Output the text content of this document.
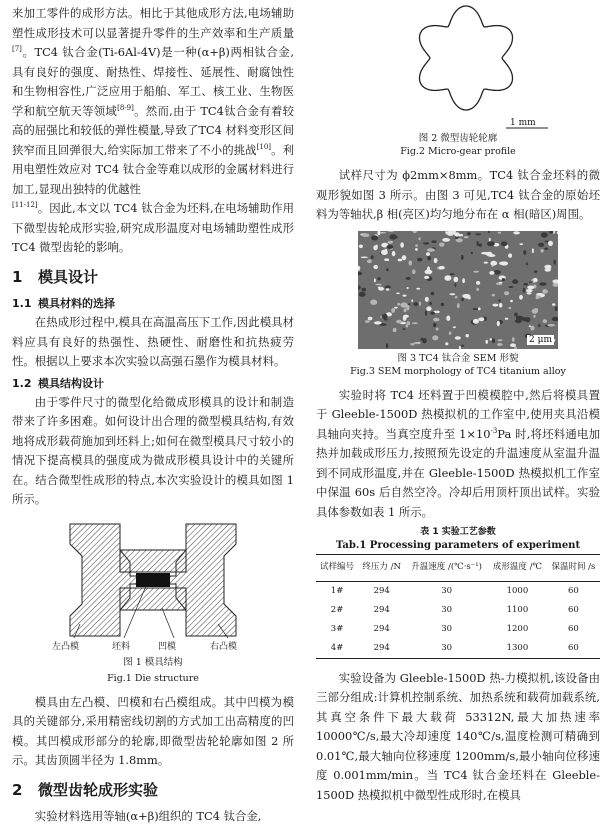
来加工零件的成形方法。相比于其他成形方法,电场辅助塑性成形技术可以显著提升零件的生产效率和生产质量[7]。TC4 钛合金(Ti-6Al-4V)是一种(α+β)两相钛合金,具有良好的强度、耐热性、焊接性、延展性、耐腐蚀性和生物相容性,广泛应用于船舶、军工、核工业、生物医学和航空航天等领域[8-9]。然而,由于 TC4钛合金有着较高的屈强比和较低的弹性模量,导致了TC4 材料变形区间狭窄而且回弹很大,给实际加工带来了不小的挑战[10]。利用电塑性效应对 TC4 钛合金等难以成形的金属材料进行加工,显现出独特的优越性
[11-12]。因此,本文以 TC4 钛合金为坯料,在电场辅助作用下微型齿轮成形实验,研究成形温度对电场辅助塑性成形 TC4 微型齿轮的影响。

1 模具设计
1.1 模具材料的选择

在热成形过程中,模具在高温高压下工作,因此模具材料应具有良好的热强性、热硬性、耐磨性和抗热疲劳性。根据以上要求本次实验以高强石墨作为模具材料。

1.2 模具结构设计

由于零件尺寸的微型化给微成形模具的设计和制造带来了许多困难。如何设计出合理的微型模具结构,有效地将成形载荷施加到坯料上;如何在微型模具尺寸较小的情况下提高模具的强度成为微成形模具设计中的关键所在。结合微型性成形的特点,本次实验设计的模具如图 1 所示。

左凸模	坯料	凹模	右凸模
图 1 模具结构
Fig.1 Die structure

模具由左凸模、凹模和右凸模组成。其中凹模为模具的关键部分,采用精密线切割的方式加工出高精度的凹模。其凹模成形部分的轮廓,即微型齿轮轮廓如图 2 所示。其齿顶圆半径为 1.8mm。

2 微型齿轮成形实验

实验材料选用等轴(α+β)组织的 TC4 钛合金,

1 mm
图 2 微型齿轮轮廓
Fig.2 Micro-gear profile

试样尺寸为 ϕ2mm×8mm。TC4 钛合金坯料的微观形貌如图 3 所示。由图 3 可见,TC4 钛合金的原始坯料为等轴状,β 相(亮区)均匀地分布在 α 相(暗区)周围。

2 μm
图 3 TC4 钛合金 SEM 形貌
Fig.3 SEM morphology of TC4 titanium alloy

实验时将 TC4 坯料置于凹模模腔中,然后将模具置于 Gleeble-1500D 热模拟机的工作室中,使用夹具沿模具轴向夹持。当真空度升至 $1\times 10^{-3}Pa$ 时,将坯料通电加热并加载成形压力,按照预先设定的升温速度从室温升温到不同成形温度,并在 Gleeble-1500D 热模拟机工作室中保温 60s 后自然空冷。冷却后用顶杆顶出试样。实验具体参数如表 1 所示。

表 1 实验工艺参数
Tab.1 Processing parameters of experiment
试样编号	终压力 /N	升温速度 /(℃·s⁻¹)	成形温度 /℃	保温时间 /s
1#	294	30	1000	60
2#	294	30	1100	60
3#	294	30	1200	60
4#	294	30	1300	60

实验设备为 Gleeble-1500D 热-力模拟机,该设备由三部分组成:计算机控制系统、加热系统和载荷加载系统,其真空条件下最大载荷 53312N,最大加热速率 10000℃/s,最大冷却速度 140℃/s,温度检测可精确到 0.01℃,最大轴向位移速度 1200mm/s,最小轴向位移速度 0.001mm/min。当 TC4 钛合金坯料在 Gleeble-1500D 热模拟机中微型性成形时,在模具
